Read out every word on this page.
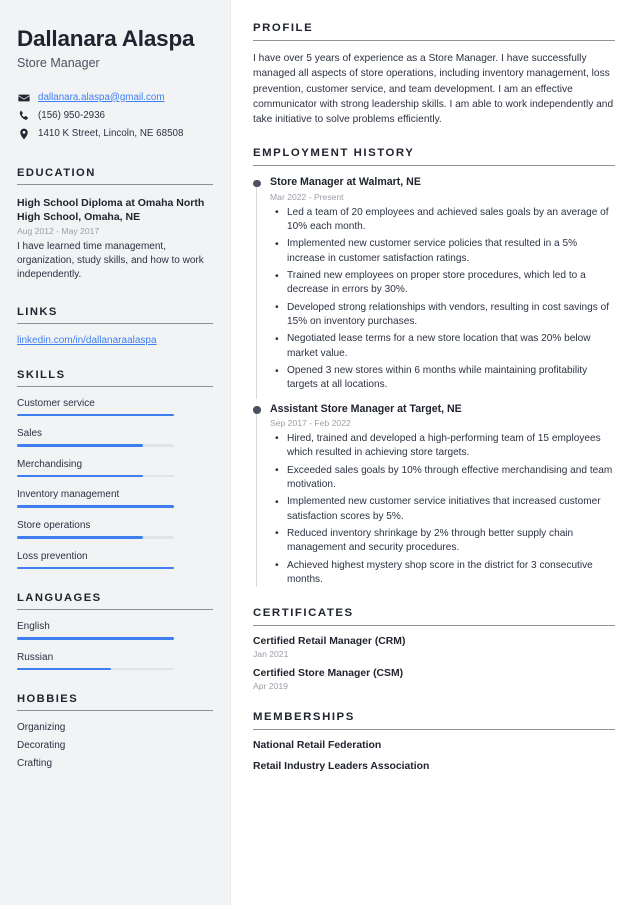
Dallanara Alaspa
Store Manager
dallanara.alaspa@gmail.com
(156) 950-2936
1410 K Street, Lincoln, NE 68508
EDUCATION
High School Diploma at Omaha North High School, Omaha, NE
Aug 2012 - May 2017
I have learned time management, organization, study skills, and how to work independently.
LINKS
linkedin.com/in/dallanaraalaspa
SKILLS
Customer service
Sales
Merchandising
Inventory management
Store operations
Loss prevention
LANGUAGES
English
Russian
HOBBIES
Organizing
Decorating
Crafting
PROFILE

I have over 5 years of experience as a Store Manager. I have successfully managed all aspects of store operations, including inventory management, loss prevention, customer service, and team development. I am an effective communicator with strong leadership skills. I am able to work independently and take initiative to solve problems efficiently.

EMPLOYMENT HISTORY
Store Manager at Walmart, NE
Mar 2022 - Present
• Led a team of 20 employees and achieved sales goals by an average of 10% each month.
• Implemented new customer service policies that resulted in a 5% increase in customer satisfaction ratings.
• Trained new employees on proper store procedures, which led to a decrease in errors by 30%.
• Developed strong relationships with vendors, resulting in cost savings of 15% on inventory purchases.
• Negotiated lease terms for a new store location that was 20% below market value.
• Opened 3 new stores within 6 months while maintaining profitability targets at all locations.
Assistant Store Manager at Target, NE
Sep 2017 - Feb 2022
• Hired, trained and developed a high-performing team of 15 employees which resulted in achieving store targets.
• Exceeded sales goals by 10% through effective merchandising and team motivation.
• Implemented new customer service initiatives that increased customer satisfaction scores by 5%.
• Reduced inventory shrinkage by 2% through better supply chain management and security procedures.
• Achieved highest mystery shop score in the district for 3 consecutive months.
CERTIFICATES
Certified Retail Manager (CRM)
Jan 2021
Certified Store Manager (CSM)
Apr 2019
MEMBERSHIPS
National Retail Federation
Retail Industry Leaders Association
